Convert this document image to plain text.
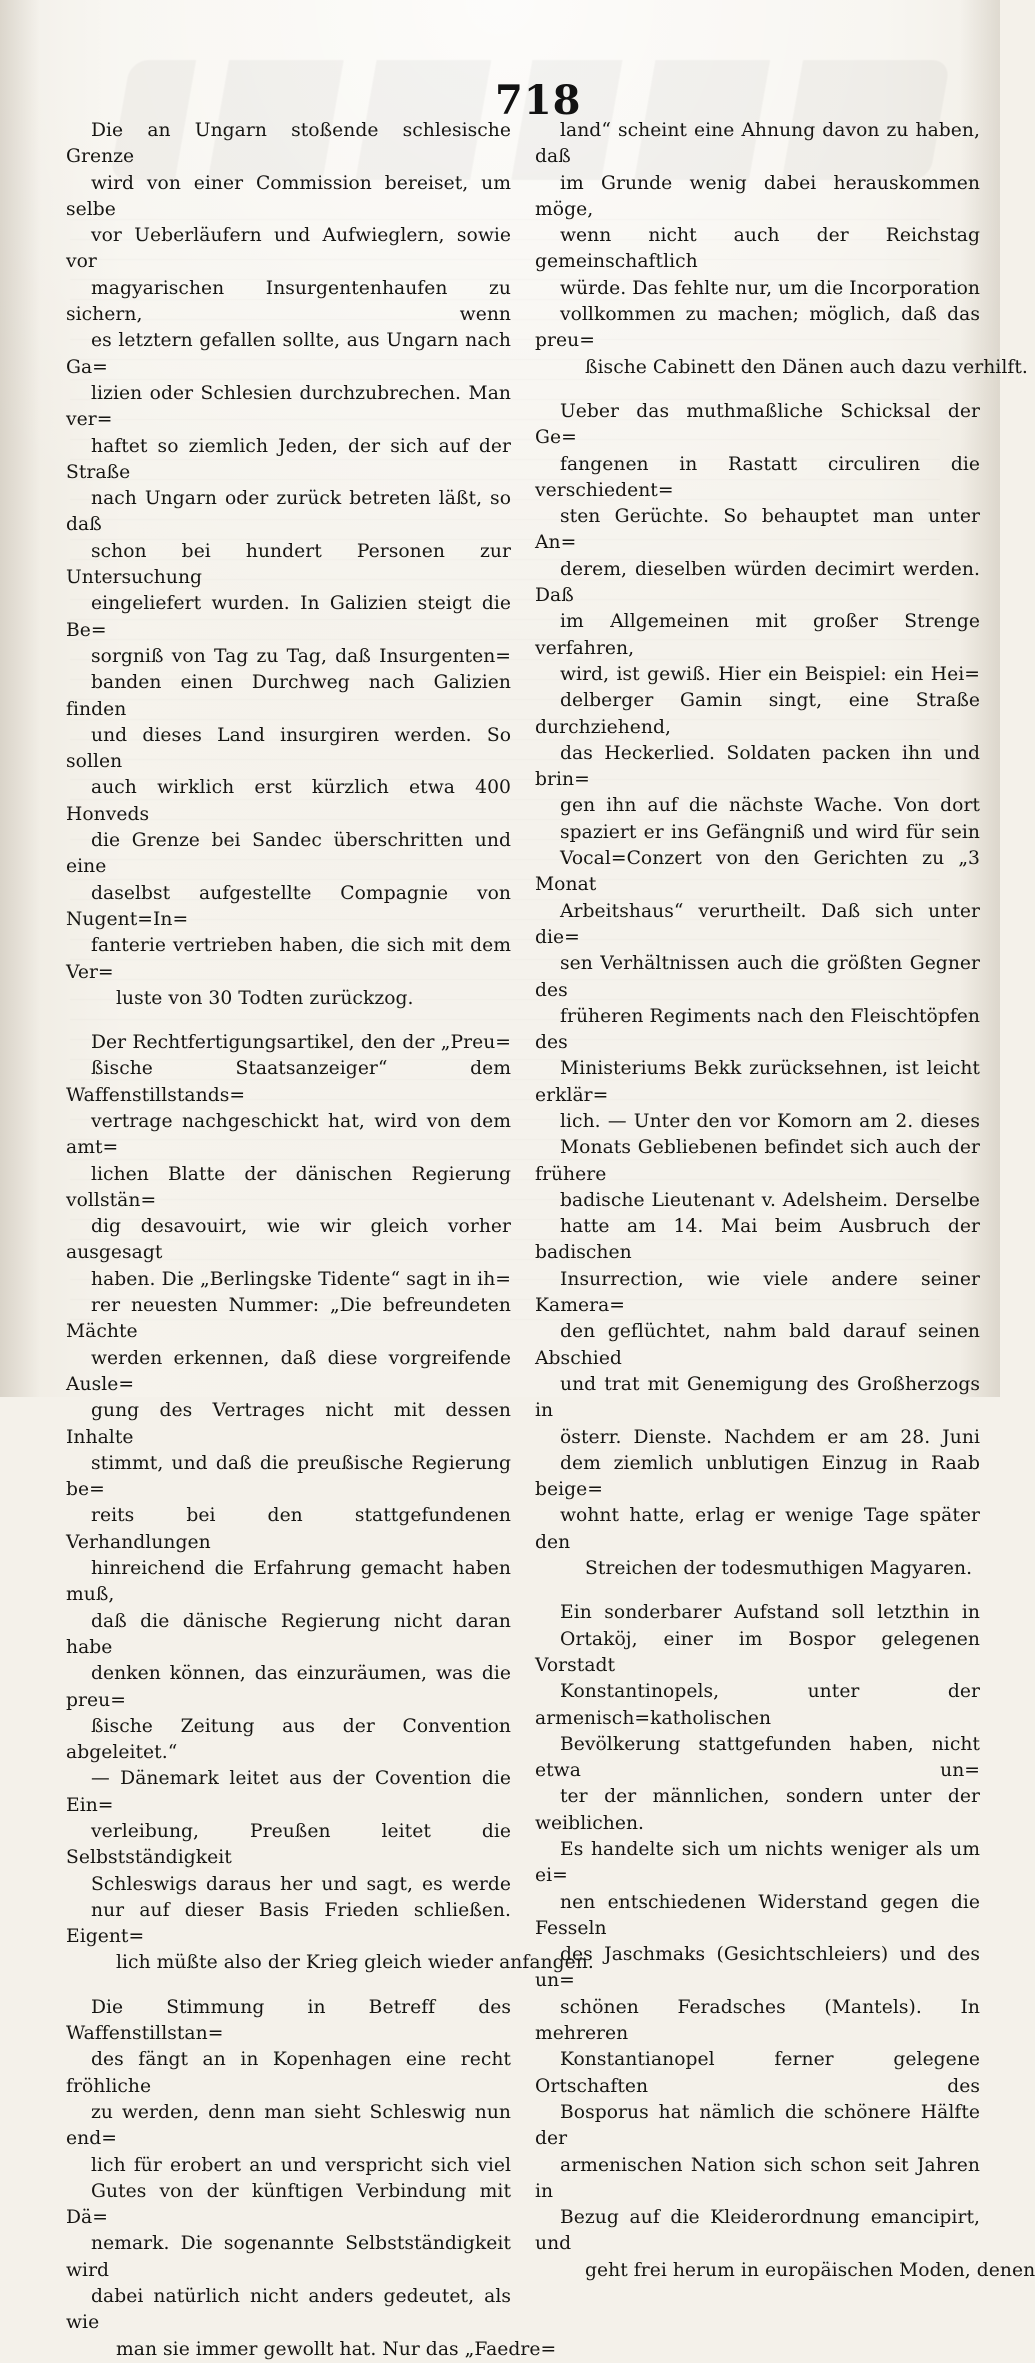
718
Die an Ungarn stoßende schlesische Grenze
wird von einer Commission bereiset, um selbe
vor Ueberläufern und Aufwieglern, sowie vor
magyarischen Insurgentenhaufen zu sichern, wenn
es letztern gefallen sollte, aus Ungarn nach Ga=
lizien oder Schlesien durchzubrechen. Man ver=
haftet so ziemlich Jeden, der sich auf der Straße
nach Ungarn oder zurück betreten läßt, so daß
schon bei hundert Personen zur Untersuchung
eingeliefert wurden. In Galizien steigt die Be=
sorgniß von Tag zu Tag, daß Insurgenten=
banden einen Durchweg nach Galizien finden
und dieses Land insurgiren werden. So sollen
auch wirklich erst kürzlich etwa 400 Honveds
die Grenze bei Sandec überschritten und eine
daselbst aufgestellte Compagnie von Nugent=In=
fanterie vertrieben haben, die sich mit dem Ver=
luste von 30 Todten zurückzog.
Der Rechtfertigungsartikel, den der „Preu=
ßische Staatsanzeiger“ dem Waffenstillstands=
vertrage nachgeschickt hat, wird von dem amt=
lichen Blatte der dänischen Regierung vollstän=
dig desavouirt, wie wir gleich vorher ausgesagt
haben. Die „Berlingske Tidente“ sagt in ih=
rer neuesten Nummer: „Die befreundeten Mächte
werden erkennen, daß diese vorgreifende Ausle=
gung des Vertrages nicht mit dessen Inhalte
stimmt, und daß die preußische Regierung be=
reits bei den stattgefundenen Verhandlungen
hinreichend die Erfahrung gemacht haben muß,
daß die dänische Regierung nicht daran habe
denken können, das einzuräumen, was die preu=
ßische Zeitung aus der Convention abgeleitet.“
— Dänemark leitet aus der Covention die Ein=
verleibung, Preußen leitet die Selbstständigkeit
Schleswigs daraus her und sagt, es werde
nur auf dieser Basis Frieden schließen. Eigent=
lich müßte also der Krieg gleich wieder anfangen.
Die Stimmung in Betreff des Waffenstillstan=
des fängt an in Kopenhagen eine recht fröhliche
zu werden, denn man sieht Schleswig nun end=
lich für erobert an und verspricht sich viel
Gutes von der künftigen Verbindung mit Dä=
nemark. Die sogenannte Selbstständigkeit wird
dabei natürlich nicht anders gedeutet, als wie
man sie immer gewollt hat. Nur das „Faedre=
land“ scheint eine Ahnung davon zu haben, daß
im Grunde wenig dabei herauskommen möge,
wenn nicht auch der Reichstag gemeinschaftlich
würde. Das fehlte nur, um die Incorporation
vollkommen zu machen; möglich, daß das preu=
ßische Cabinett den Dänen auch dazu verhilft.
Ueber das muthmaßliche Schicksal der Ge=
fangenen in Rastatt circuliren die verschiedent=
sten Gerüchte. So behauptet man unter An=
derem, dieselben würden decimirt werden. Daß
im Allgemeinen mit großer Strenge verfahren,
wird, ist gewiß. Hier ein Beispiel: ein Hei=
delberger Gamin singt, eine Straße durchziehend,
das Heckerlied. Soldaten packen ihn und brin=
gen ihn auf die nächste Wache. Von dort
spaziert er ins Gefängniß und wird für sein
Vocal=Conzert von den Gerichten zu „3 Monat
Arbeitshaus“ verurtheilt. Daß sich unter die=
sen Verhältnissen auch die größten Gegner des
früheren Regiments nach den Fleischtöpfen des
Ministeriums Bekk zurücksehnen, ist leicht erklär=
lich. — Unter den vor Komorn am 2. dieses
Monats Gebliebenen befindet sich auch der frühere
badische Lieutenant v. Adelsheim. Derselbe
hatte am 14. Mai beim Ausbruch der badischen
Insurrection, wie viele andere seiner Kamera=
den geflüchtet, nahm bald darauf seinen Abschied
und trat mit Genemigung des Großherzogs in
österr. Dienste. Nachdem er am 28. Juni
dem ziemlich unblutigen Einzug in Raab beige=
wohnt hatte, erlag er wenige Tage später den
Streichen der todesmuthigen Magyaren.
Ein sonderbarer Aufstand soll letzthin in
Ortaköj, einer im Bospor gelegenen Vorstadt
Konstantinopels, unter der armenisch=katholischen
Bevölkerung stattgefunden haben, nicht etwa un=
ter der männlichen, sondern unter der weiblichen.
Es handelte sich um nichts weniger als um ei=
nen entschiedenen Widerstand gegen die Fesseln
des Jaschmaks (Gesichtschleiers) und des un=
schönen Feradsches (Mantels). In mehreren
Konstantianopel ferner gelegene Ortschaften des
Bosporus hat nämlich die schönere Hälfte der
armenischen Nation sich schon seit Jahren in
Bezug auf die Kleiderordnung emancipirt, und
geht frei herum in europäischen Moden, denen
